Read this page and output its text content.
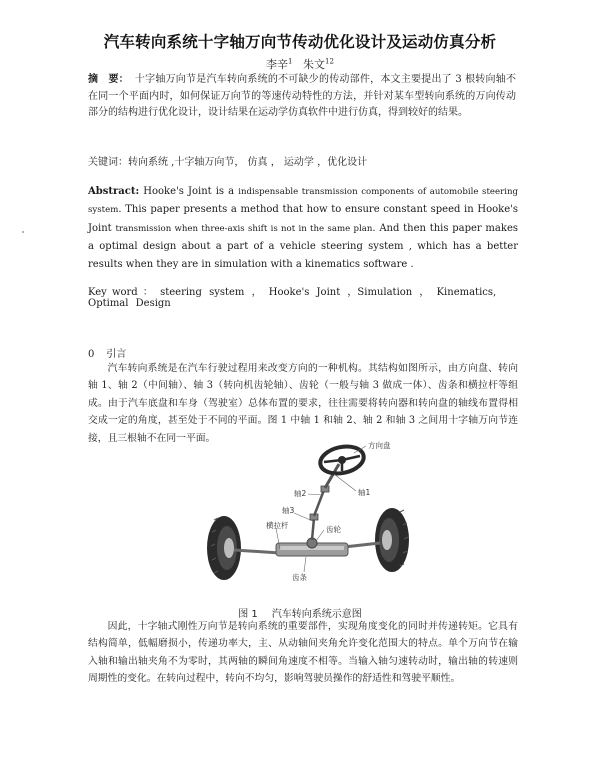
汽车转向系统十字轴万向节传动优化设计及运动仿真分析
李辛$^1$ 朱文$^{12}$
摘　要： 十字轴万向节是汽车转向系统的不可缺少的传动部件，本文主要提出了 3 根转向轴不在同一个平面内时，如何保证万向节的等速传动特性的方法，并针对某车型转向系统的万向传动部分的结构进行优化设计，设计结果在运动学仿真软件中进行仿真，得到较好的结果。
关键词：转向系统 ,十字轴万向节， 仿真 ， 运动学 ，优化设计
Abstract: Hooke's Joint is a indispensable transmission components of automobile steering system. This paper presents a method that how to ensure constant speed in Hooke's Joint transmission when three-axis shift is not in the same plan. And then this paper makes a optimal design about a part of a vehicle steering system , which has a better results when they are in simulation with a kinematics software .
Key word ： steering system ， Hooke's Joint ，Simulation ， Kinematics, Optimal Design
0 引言
汽车转向系统是在汽车行驶过程用来改变方向的一种机构。其结构如图所示，由方向盘、转向轴 1、轴 2（中间轴）、轴 3（转向机齿轮轴）、齿轮（一般与轴 3 做成一体）、齿条和横拉杆等组成。由于汽车底盘和车身（驾驶室）总体布置的要求，往往需要将转向器和转向盘的轴线布置得相交成一定的角度，甚至处于不同的平面。图 1 中轴 1 和轴 2、轴 2 和轴 3 之间用十字轴万向节连接，且三根轴不在同一平面。
方向盘
轴1
轴2
轴3
横拉杆	齿轮
齿条
图 1 汽车转向系统示意图
因此，十字轴式刚性万向节是转向系统的重要部件，实现角度变化的同时并传递转矩。它具有结构简单，低幅磨损小，传递功率大，主、从动轴间夹角允许变化范围大的特点。单个万向节在输入轴和输出轴夹角不为零时，其两轴的瞬间角速度不相等。当输入轴匀速转动时，输出轴的转速则周期性的变化。在转向过程中，转向不均匀，影响驾驶员操作的舒适性和驾驶平顺性。
